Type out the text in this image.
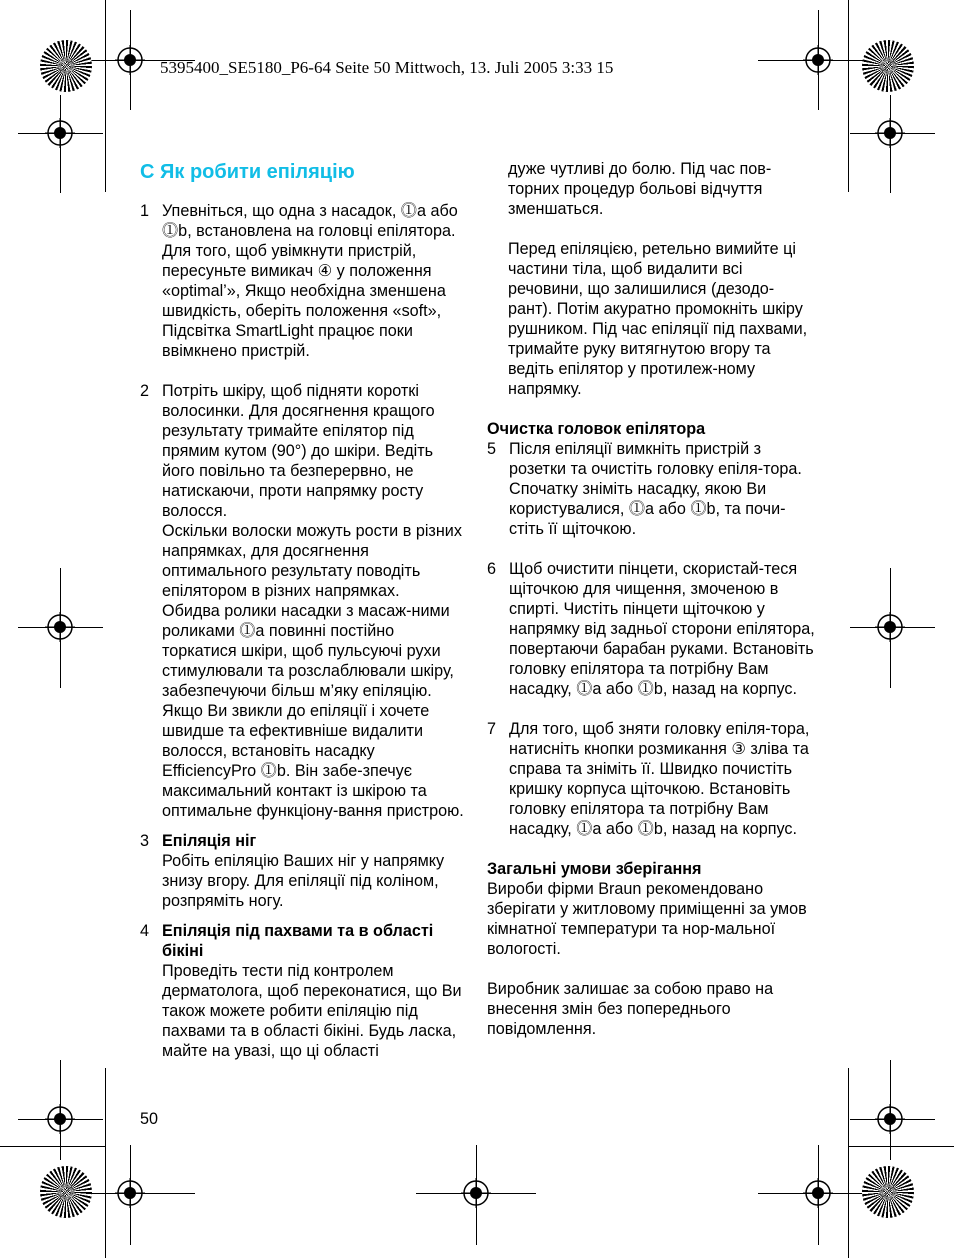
5395400_SE5180_P6-64 Seite 50 Mittwoch, 13. Juli 2005 3:33 15
C Як робити епіляцію
1 Упевніться, що одна з насадок, ⓵a або ⓵b, встановлена на головці епілятора. Для того, щоб увімкнути пристрій, пересуньте вимикач ④ у положення «optimal’», Якщо необхідна зменшена швидкість, оберіть положення «soft», Підсвітка SmartLight працює поки ввімкнено пристрій.

2 Потріть шкіру, щоб підняти короткі волосинки. Для досягнення кращого результату тримайте епілятор під прямим кутом (90°) до шкіри. Ведіть його повільно та безперервно, не натискаючи, проти напрямку росту волосся.

Оскільки волоски можуть рости в різних напрямках, для досягнення оптимального результату поводіть епілятором в різних напрямках.

Обидва ролики насадки з масаж-ними роликами ⓵a повинні постійно торкатися шкіри, щоб пульсуючі рухи стимулювали та розслаблювали шкіру, забезпечуючи більш м’яку епіляцію. Якщо Ви звикли до епіляції і хочете швидше та ефективніше видалити волосся, встановіть насадку EfficiencyPro ⓵b. Він забе-зпечує максимальний контакт із шкірою та оптимальне функціону-вання пристрою.

3 Епіляція ніг

Робіть епіляцію Ваших ніг у напрямку знизу вгору. Для епіляції під коліном, розпрямiть ногу.

4 Епіляція під пахвами та в області бікіні

Проведіть тести під контролем дерматолога, щоб переконатися, що Ви також можете робити епіляцію під пахвами та в області бікіні. Будь ласка, майте на увазі, що ці області

дуже чутливі до болю. Під час пов-торних процедур больові відчуття зменшаться.

Перед епіляцією, ретельно вимийте ці частини тіла, щоб видалити всі речовини, що залишилися (дезодо-рант). Потім акуратно промокніть шкіру рушником. Під час епіляції під пахвами, тримайте руку витягнутою вгору та ведіть епілятор у протилеж-ному напрямку.

Очистка головок епілятора

5 Після епіляції вимкніть пристрій з розетки та очистіть головку епіля-тора. Спочатку зніміть насадку, якою Ви користувалися, ⓵a або ⓵b, та почи-стіть її щіточкою.

6 Щоб очистити пінцети, скористай-теся щіточкою для чищення, змоченою в спирті. Чистіть пінцети щіточкою у напрямку від задньої сторони епілятора, повертаючи барабан руками. Встановіть головку епілятора та потрібну Вам насадку, ⓵a або ⓵b, назад на корпус.

7 Для того, щоб зняти головку епіля-тора, натисніть кнопки розмикання ③ зліва та справа та зніміть її. Швидко почистіть кришку корпуса щіточкою. Встановіть головку епілятора та потрібну Вам насадку, ⓵a або ⓵b, назад на корпус.

Загальні умови зберігання

Вироби фірми Braun рекомендовано зберігати у житловому приміщенні за умов кімнатної температури та нор-мальної вологості.

Виробник залишає за собою право на внесення змін без попереднього повідомлення.

50
